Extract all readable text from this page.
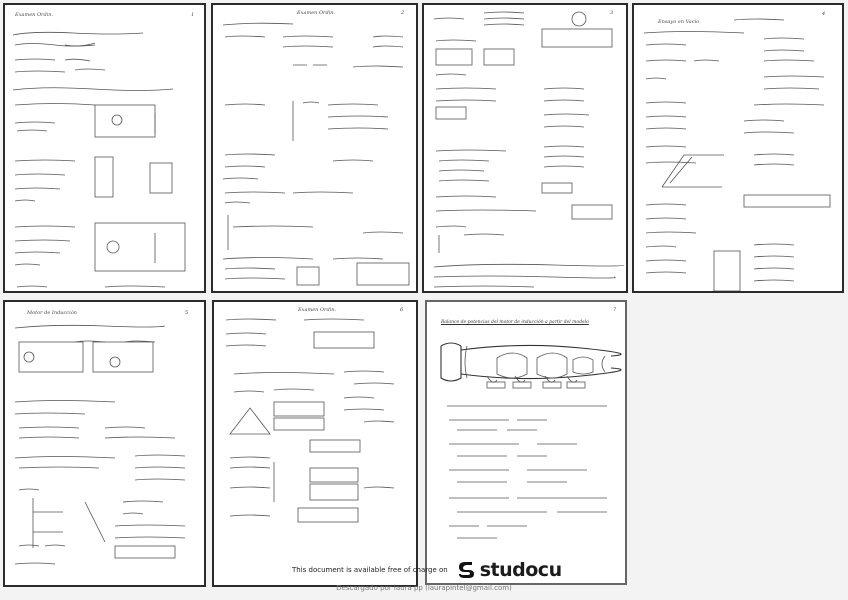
Examen Ordin.	1	Examen Ordin.	2	3
Ensayo en Vacío
4
Motor de Inducción	5	Examen Ordin.	6
Balance de potencias del motor de inducción a partir del modelo
7
This document is available free of charge on studocu
Descargado por laura pp (laurapintel@gmail.com)
